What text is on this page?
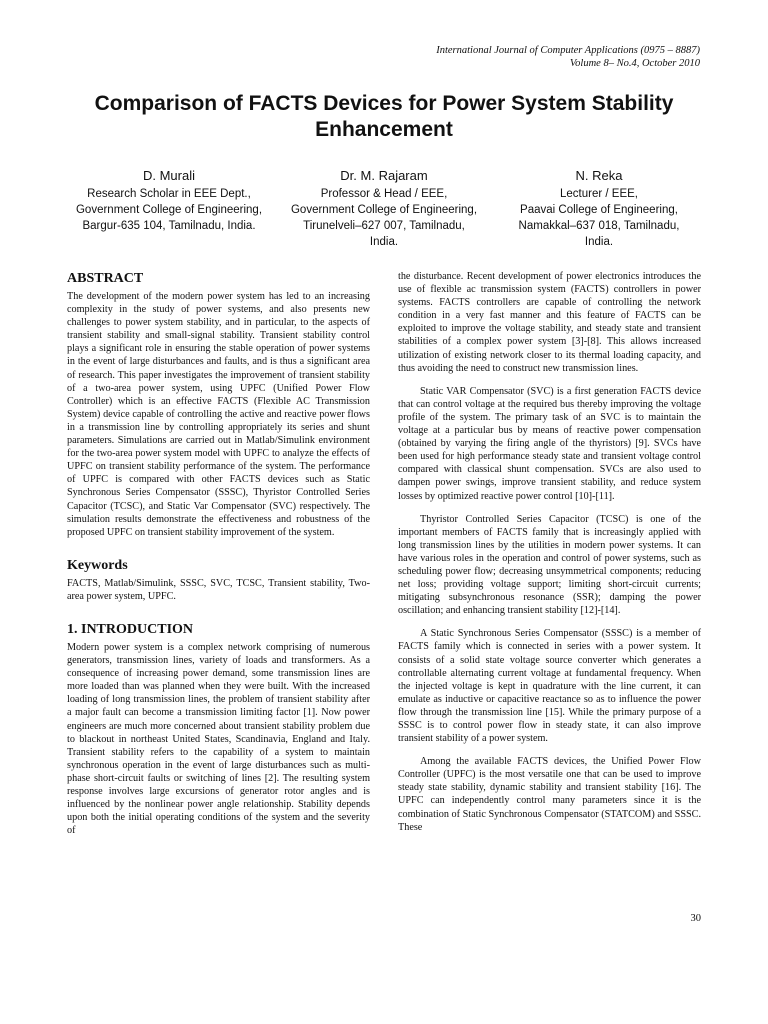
International Journal of Computer Applications (0975 – 8887)
Volume 8– No.4, October 2010
Comparison of FACTS Devices for Power System Stability Enhancement
D. Murali
Research Scholar in EEE Dept.,
Government College of Engineering,
Bargur-635 104, Tamilnadu, India.
Dr. M. Rajaram
Professor & Head / EEE,
Government College of Engineering,
Tirunelveli–627 007, Tamilnadu,
India.
N. Reka
Lecturer / EEE,
Paavai College of Engineering,
Namakkal–637 018, Tamilnadu,
India.
ABSTRACT

The development of the modern power system has led to an increasing complexity in the study of power systems, and also presents new challenges to power system stability, and in particular, to the aspects of transient stability and small-signal stability. Transient stability control plays a significant role in ensuring the stable operation of power systems in the event of large disturbances and faults, and is thus a significant area of research. This paper investigates the improvement of transient stability of a two-area power system, using UPFC (Unified Power Flow Controller) which is an effective FACTS (Flexible AC Transmission System) device capable of controlling the active and reactive power flows in a transmission line by controlling appropriately its series and shunt parameters. Simulations are carried out in Matlab/Simulink environment for the two-area power system model with UPFC to analyze the effects of UPFC on transient stability performance of the system. The performance of UPFC is compared with other FACTS devices such as Static Synchronous Series Compensator (SSSC), Thyristor Controlled Series Capacitor (TCSC), and Static Var Compensator (SVC) respectively. The simulation results demonstrate the effectiveness and robustness of the proposed UPFC on transient stability improvement of the system.

Keywords

FACTS, Matlab/Simulink, SSSC, SVC, TCSC, Transient stability, Two-area power system, UPFC.

1. INTRODUCTION

Modern power system is a complex network comprising of numerous generators, transmission lines, variety of loads and transformers. As a consequence of increasing power demand, some transmission lines are more loaded than was planned when they were built. With the increased loading of long transmission lines, the problem of transient stability after a major fault can become a transmission limiting factor [1]. Now power engineers are much more concerned about transient stability problem due to blackout in northeast United States, Scandinavia, England and Italy. Transient stability refers to the capability of a system to maintain synchronous operation in the event of large disturbances such as multi-phase short-circuit faults or switching of lines [2]. The resulting system response involves large excursions of generator rotor angles and is influenced by the nonlinear power angle relationship. Stability depends upon both the initial operating conditions of the system and the severity of

the disturbance. Recent development of power electronics introduces the use of flexible ac transmission system (FACTS) controllers in power systems. FACTS controllers are capable of controlling the network condition in a very fast manner and this feature of FACTS can be exploited to improve the voltage stability, and steady state and transient stabilities of a complex power system [3]-[8]. This allows increased utilization of existing network closer to its thermal loading capacity, and thus avoiding the need to construct new transmission lines.

Static VAR Compensator (SVC) is a first generation FACTS device that can control voltage at the required bus thereby improving the voltage profile of the system. The primary task of an SVC is to maintain the voltage at a particular bus by means of reactive power compensation (obtained by varying the firing angle of the thyristors) [9]. SVCs have been used for high performance steady state and transient voltage control compared with classical shunt compensation. SVCs are also used to dampen power swings, improve transient stability, and reduce system losses by optimized reactive power control [10]-[11].

Thyristor Controlled Series Capacitor (TCSC) is one of the important members of FACTS family that is increasingly applied with long transmission lines by the utilities in modern power systems. It can have various roles in the operation and control of power systems, such as scheduling power flow; decreasing unsymmetrical components; reducing net loss; providing voltage support; limiting short-circuit currents; mitigating subsynchronous resonance (SSR); damping the power oscillation; and enhancing transient stability [12]-[14].

A Static Synchronous Series Compensator (SSSC) is a member of FACTS family which is connected in series with a power system. It consists of a solid state voltage source converter which generates a controllable alternating current voltage at fundamental frequency. When the injected voltage is kept in quadrature with the line current, it can emulate as inductive or capacitive reactance so as to influence the power flow through the transmission line [15]. While the primary purpose of a SSSC is to control power flow in steady state, it can also improve transient stability of a power system.

Among the available FACTS devices, the Unified Power Flow Controller (UPFC) is the most versatile one that can be used to improve steady state stability, dynamic stability and transient stability [16]. The UPFC can independently control many parameters since it is the combination of Static Synchronous Compensator (STATCOM) and SSSC. These

30
